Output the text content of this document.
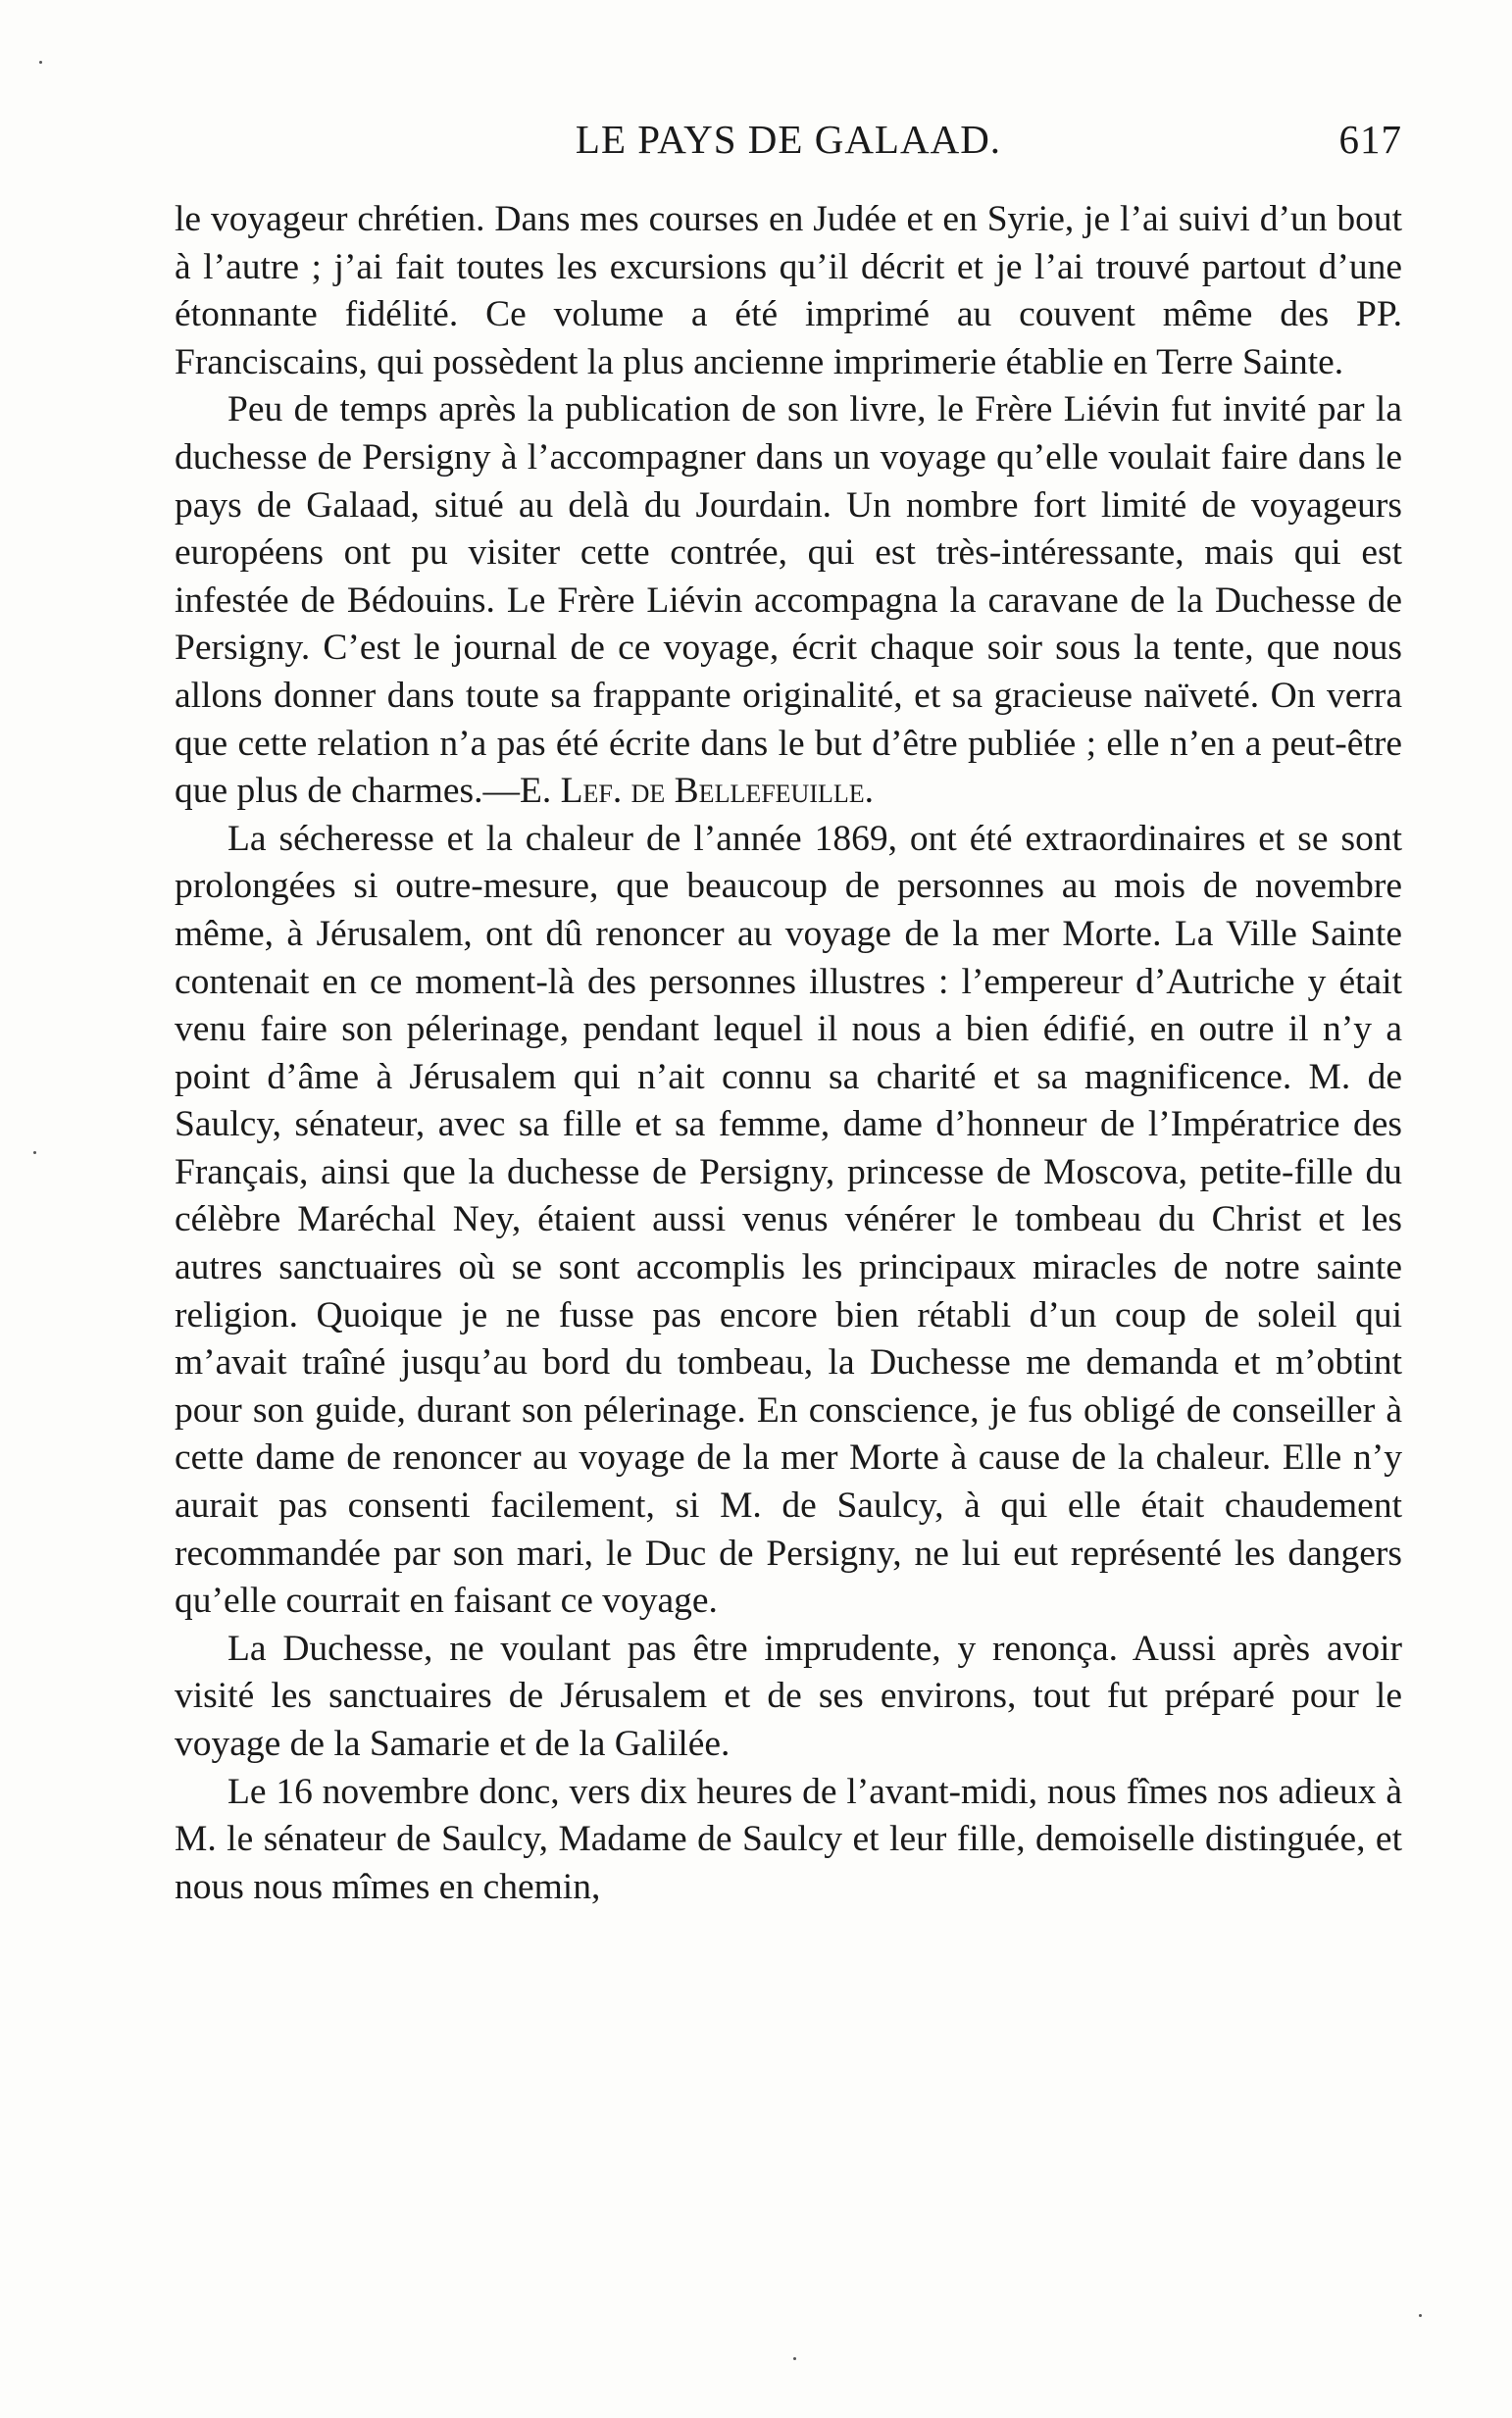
LE PAYS DE GALAAD.	617

le voyageur chrétien. Dans mes courses en Judée et en Syrie, je l’ai suivi d’un bout à l’autre ; j’ai fait toutes les excursions qu’il décrit et je l’ai trouvé partout d’une étonnante fidélité. Ce volume a été imprimé au couvent même des PP. Franciscains, qui possèdent la plus ancienne imprimerie établie en Terre Sainte.

Peu de temps après la publication de son livre, le Frère Liévin fut invité par la duchesse de Persigny à l’accompagner dans un voyage qu’elle voulait faire dans le pays de Galaad, situé au delà du Jourdain. Un nombre fort limité de voyageurs européens ont pu visiter cette contrée, qui est très-intéressante, mais qui est infestée de Bédouins. Le Frère Liévin accompagna la caravane de la Duchesse de Persigny. C’est le journal de ce voyage, écrit chaque soir sous la tente, que nous allons donner dans toute sa frappante originalité, et sa gracieuse naïveté. On verra que cette relation n’a pas été écrite dans le but d’être publiée ; elle n’en a peut-être que plus de charmes.—E. Lef. de Bellefeuille.

La sécheresse et la chaleur de l’année 1869, ont été extraordinaires et se sont prolongées si outre-mesure, que beaucoup de personnes au mois de novembre même, à Jérusalem, ont dû renoncer au voyage de la mer Morte. La Ville Sainte contenait en ce moment-là des personnes illustres : l’empereur d’Autriche y était venu faire son pélerinage, pendant lequel il nous a bien édifié, en outre il n’y a point d’âme à Jérusalem qui n’ait connu sa charité et sa magnificence. M. de Saulcy, sénateur, avec sa fille et sa femme, dame d’honneur de l’Impératrice des Français, ainsi que la duchesse de Persigny, princesse de Moscova, petite-fille du célèbre Maréchal Ney, étaient aussi venus vénérer le tombeau du Christ et les autres sanctuaires où se sont accomplis les principaux miracles de notre sainte religion. Quoique je ne fusse pas encore bien rétabli d’un coup de soleil qui m’avait traîné jusqu’au bord du tombeau, la Duchesse me demanda et m’obtint pour son guide, durant son pélerinage. En conscience, je fus obligé de conseiller à cette dame de renoncer au voyage de la mer Morte à cause de la chaleur. Elle n’y aurait pas consenti facilement, si M. de Saulcy, à qui elle était chaudement recommandée par son mari, le Duc de Persigny, ne lui eut représenté les dangers qu’elle courrait en faisant ce voyage.

La Duchesse, ne voulant pas être imprudente, y renonça. Aussi après avoir visité les sanctuaires de Jérusalem et de ses environs, tout fut préparé pour le voyage de la Samarie et de la Galilée.

Le 16 novembre donc, vers dix heures de l’avant-midi, nous fîmes nos adieux à M. le sénateur de Saulcy, Madame de Saulcy et leur fille, demoiselle distinguée, et nous nous mîmes en chemin,
